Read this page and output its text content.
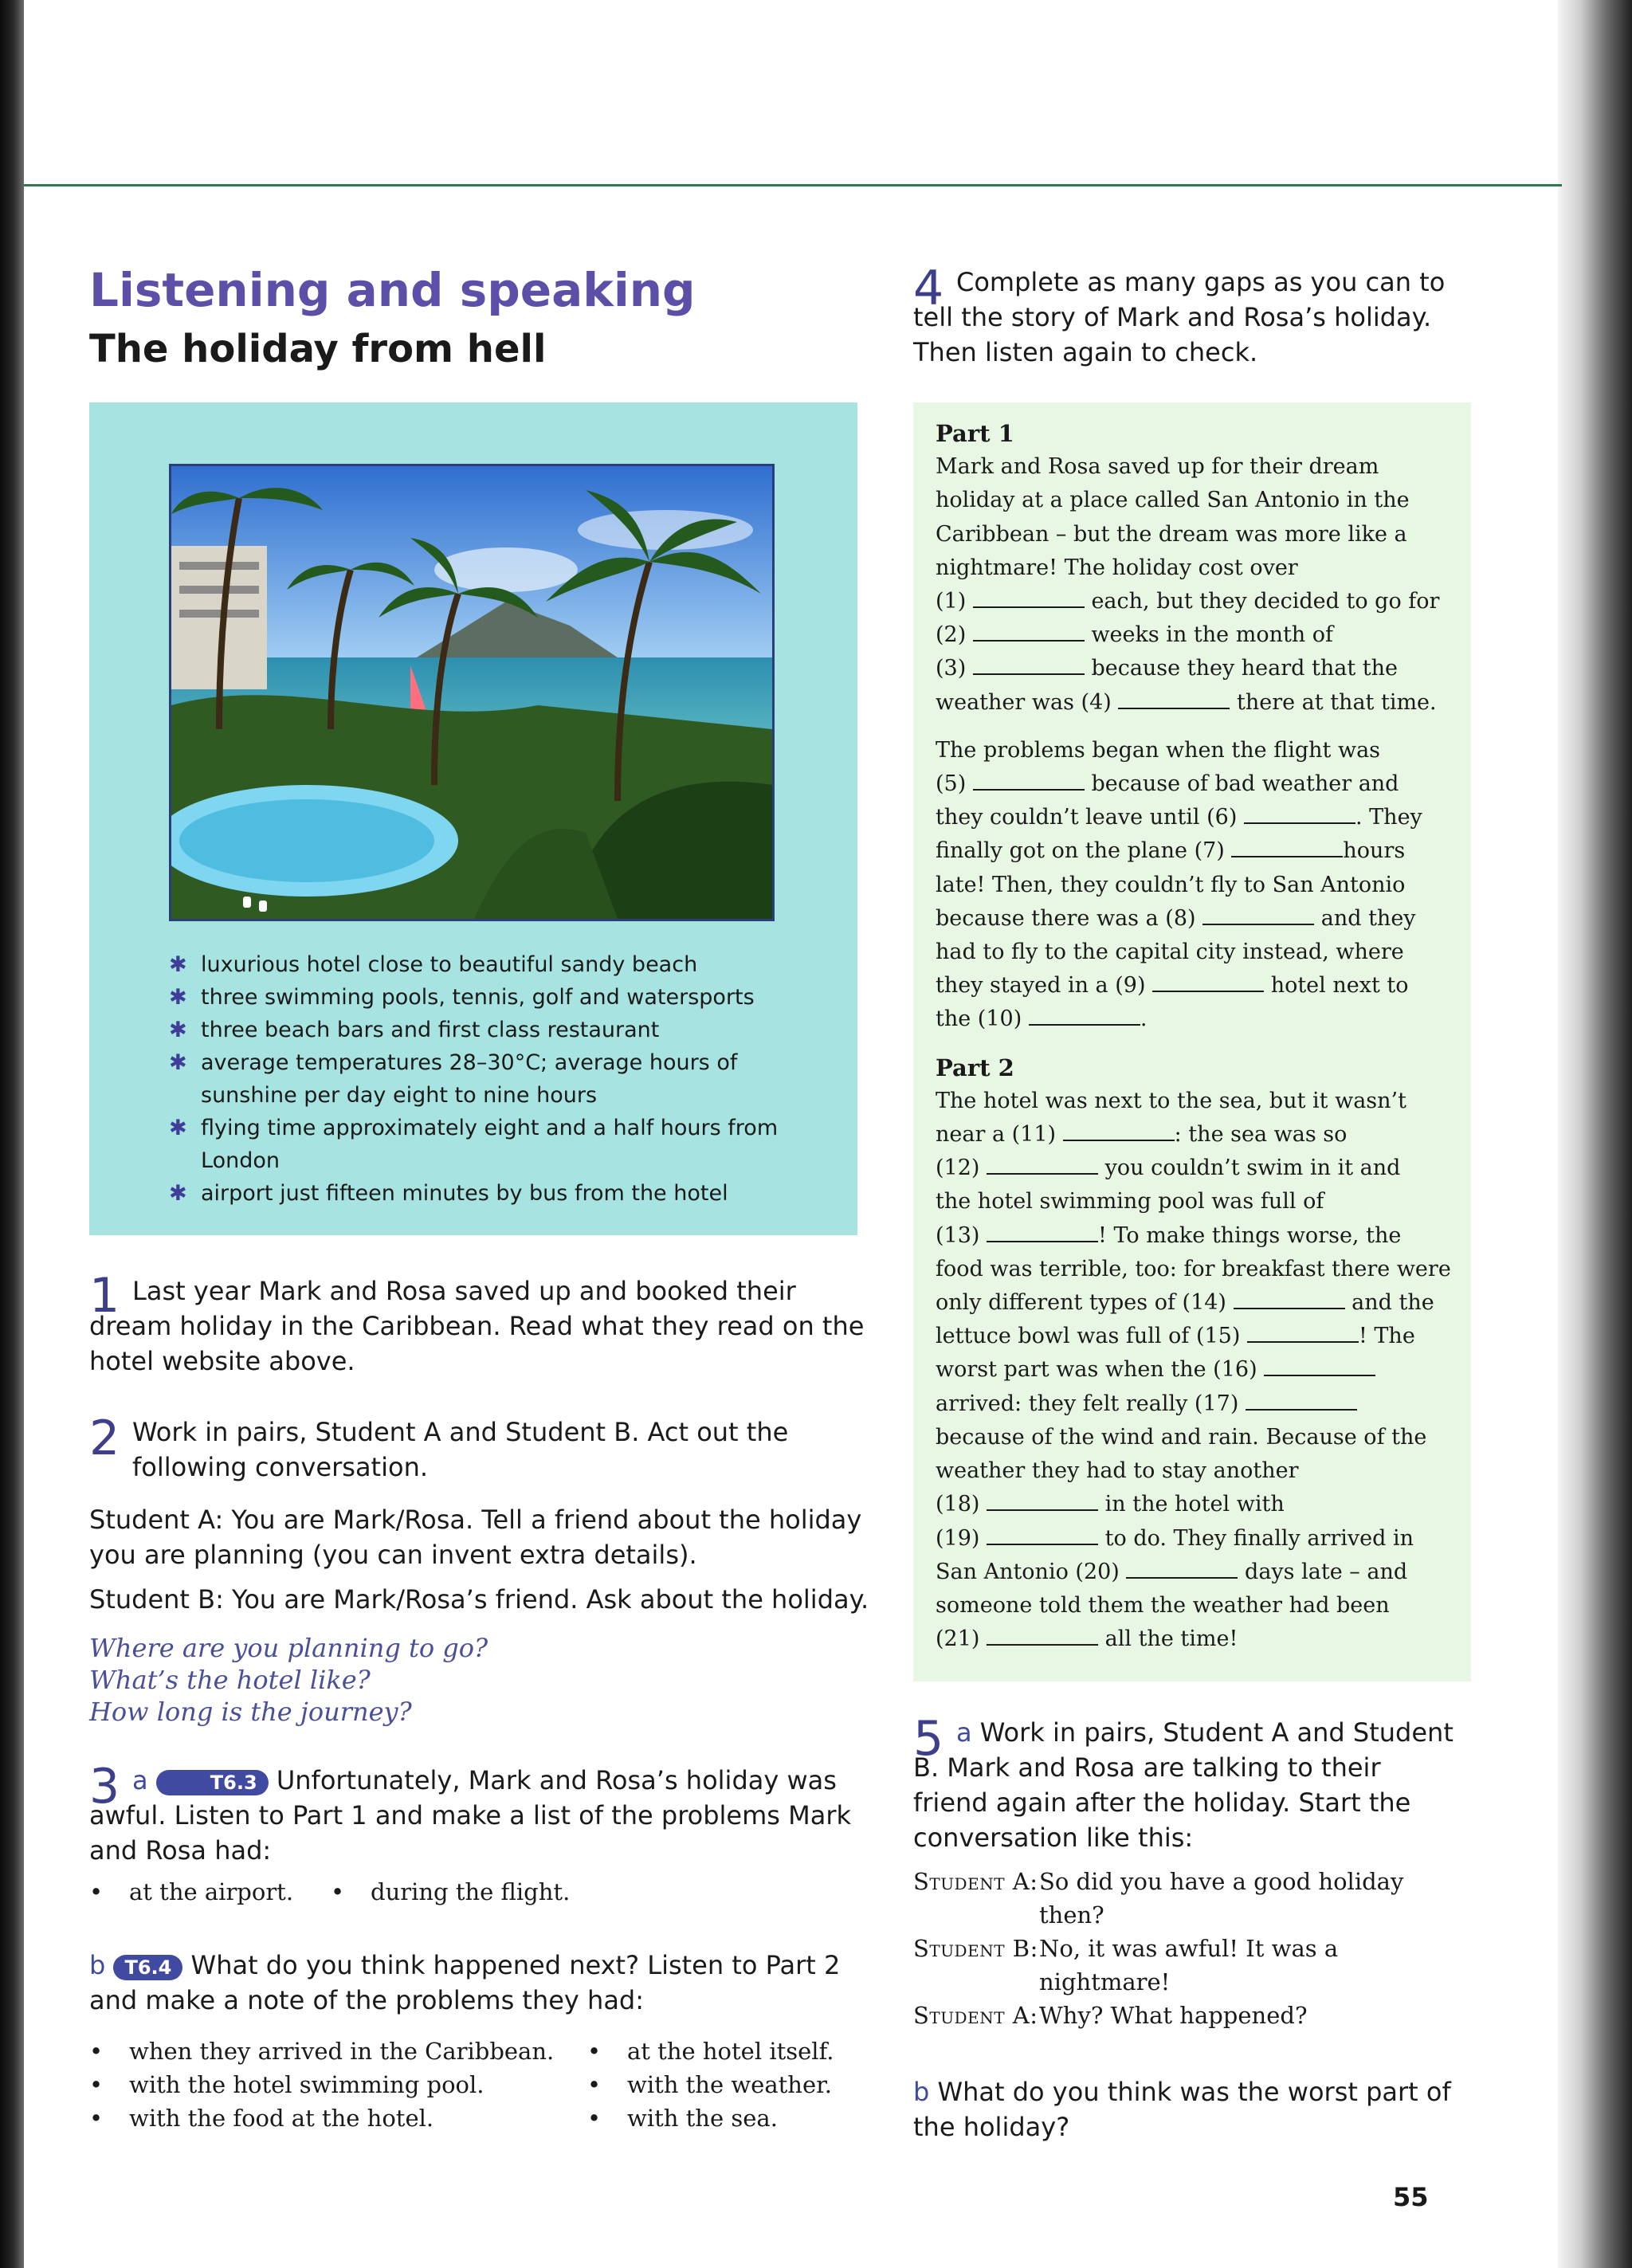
Listening and speaking
The holiday from hell
✱ luxurious hotel close to beautiful sandy beach
✱ three swimming pools, tennis, golf and watersports
✱ three beach bars and first class restaurant
✱ average temperatures 28–30°C; average hours of sunshine per day eight to nine hours
✱ flying time approximately eight and a half hours from London
✱ airport just fifteen minutes by bus from the hotel
1 Last year Mark and Rosa saved up and booked their dream holiday in the Caribbean. Read what they read on the hotel website above.
2 Work in pairs, Student A and Student B. Act out the following conversation.
Student A: You are Mark/Rosa. Tell a friend about the holiday you are planning (you can invent extra details).
Student B: You are Mark/Rosa’s friend. Ask about the holiday.
Where are you planning to go?
What’s the hotel like?
How long is the journey?
3 a	T6.3 Unfortunately, Mark and Rosa’s holiday was awful. Listen to Part 1 and make a list of the problems Mark and Rosa had:
• at the airport.	• during the flight.
b T6.4 What do you think happened next? Listen to Part 2 and make a note of the problems they had:
• when they arrived in the Caribbean.
• with the hotel swimming pool.
• with the food at the hotel.
• at the hotel itself.
• with the weather.
• with the sea.
4 Complete as many gaps as you can to tell the story of Mark and Rosa’s holiday. Then listen again to check.
Part 1

Mark and Rosa saved up for their dream holiday at a place called San Antonio in the Caribbean – but the dream was more like a nightmare! The holiday cost over
(1)	each, but they decided to go for
(2)	weeks in the month of
(3)	because they heard that the
weather was (4)	there at that time.

The problems began when the flight was
(5)	because of bad weather and
they couldn’t leave until (6)	. They
finally got on the plane (7)	hours
late! Then, they couldn’t fly to San Antonio
because there was a (8)	and they
had to fly to the capital city instead, where
they stayed in a (9)	hotel next to
the (10)	.

Part 2

The hotel was next to the sea, but it wasn’t
near a (11)	: the sea was so
(12)	you couldn’t swim in it and
the hotel swimming pool was full of
(13)	! To make things worse, the
food was terrible, too: for breakfast there were
only different types of (14)	and the
lettuce bowl was full of (15)	! The
worst part was when the (16)
arrived: they felt really (17)
because of the wind and rain. Because of the
weather they had to stay another
(18)	in the hotel with
(19)	to do. They finally arrived in
San Antonio (20)	days late – and
someone told them the weather had been
(21)	all the time!

5 a Work in pairs, Student A and Student B. Mark and Rosa are talking to their friend again after the holiday. Start the conversation like this:
Student A: So did you have a good holiday then?
Student B: No, it was awful! It was a nightmare!
Student A: Why? What happened?
b What do you think was the worst part of the holiday?
55
